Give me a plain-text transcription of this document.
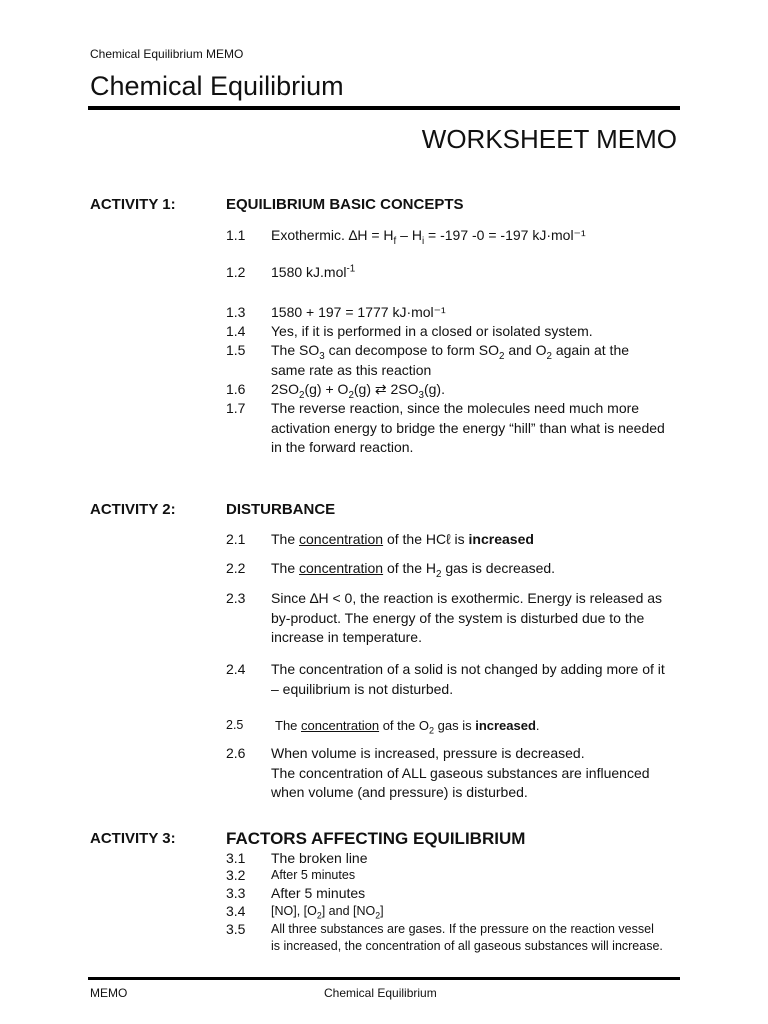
Chemical Equilibrium MEMO
Chemical Equilibrium
WORKSHEET MEMO
ACTIVITY 1:	EQUILIBRIUM BASIC CONCEPTS
1.1 Exothermic. $\Delta H = H_f - H_i = -197$ -0 = -197 kJ·mol⁻¹
1.2 1580 kJ.mol$^{-1}$
1.3 1580 + 197 = 1777 kJ·mol⁻¹
1.4 Yes, if it is performed in a closed or isolated system.
1.5 The $SO_3$ can decompose to form $SO_2$ and $O_2$ again at the same rate as this reaction
1.6 $2SO_2(g) + O_2(g)$ ⇄ $2SO_3(g)$.
1.7 The reverse reaction, since the molecules need much more activation energy to bridge the energy “hill” than what is needed in the forward reaction.
ACTIVITY 2:	DISTURBANCE
2.1 The concentration of the HCℓ is increased
2.2 The concentration of the $H_2$ gas is decreased.
2.3 Since ∆H < 0, the reaction is exothermic. Energy is released as by-product. The energy of the system is disturbed due to the increase in temperature.
2.4 The concentration of a solid is not changed by adding more of it – equilibrium is not disturbed.
2.5 The concentration of the $O_2$ gas is increased.
2.6 When volume is increased, pressure is decreased.
The concentration of ALL gaseous substances are influenced when volume (and pressure) is disturbed.
ACTIVITY 3:	FACTORS AFFECTING EQUILIBRIUM
3.1 The broken line
3.2 After 5 minutes
3.3 After 5 minutes
3.4 [NO], $[O_2]$ and $[NO_2]$
3.5 All three substances are gases. If the pressure on the reaction vessel is increased, the concentration of all gaseous substances will increase.
MEMO	Chemical Equilibrium
